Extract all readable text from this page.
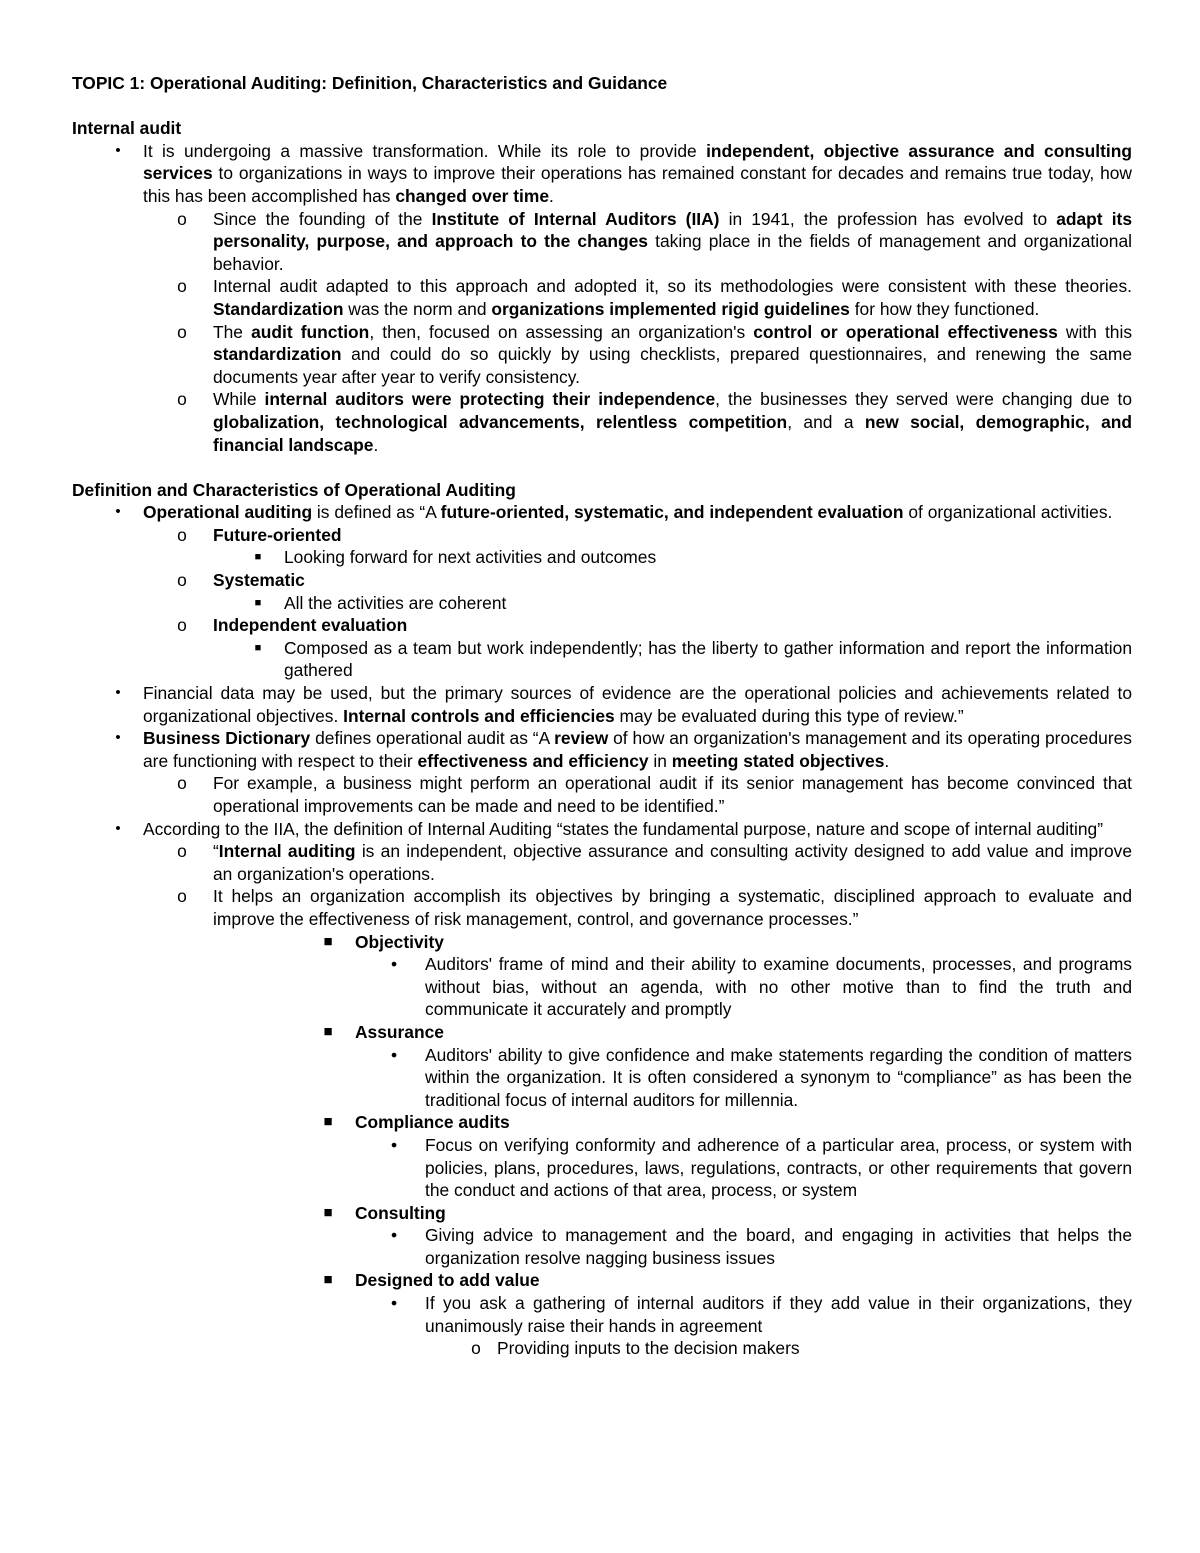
TOPIC 1: Operational Auditing: Definition, Characteristics and Guidance

Internal audit

•	It is undergoing a massive transformation. While its role to provide independent, objective assurance and consulting services to organizations in ways to improve their operations has remained constant for decades and remains true today, how this has been accomplished has changed over time.
o Since the founding of the Institute of Internal Auditors (IIA) in 1941, the profession has evolved to adapt its personality, purpose, and approach to the changes taking place in the fields of management and organizational behavior.
o Internal audit adapted to this approach and adopted it, so its methodologies were consistent with these theories. Standardization was the norm and organizations implemented rigid guidelines for how they functioned.
o The audit function, then, focused on assessing an organization's control or operational effectiveness with this standardization and could do so quickly by using checklists, prepared questionnaires, and renewing the same documents year after year to verify consistency.
o While internal auditors were protecting their independence, the businesses they served were changing due to globalization, technological advancements, relentless competition, and a new social, demographic, and financial landscape.

Definition and Characteristics of Operational Auditing

•	Operational auditing is defined as “A future-oriented, systematic, and independent evaluation of organizational activities.
o Future-oriented
■	Looking forward for next activities and outcomes
o Systematic
■	All the activities are coherent
o Independent evaluation
■	Composed as a team but work independently; has the liberty to gather information and report the information gathered
•	Financial data may be used, but the primary sources of evidence are the operational policies and achievements related to organizational objectives. Internal controls and efficiencies may be evaluated during this type of review.”
•	Business Dictionary defines operational audit as “A review of how an organization's management and its operating procedures are functioning with respect to their effectiveness and efficiency in meeting stated objectives.
o For example, a business might perform an operational audit if its senior management has become convinced that operational improvements can be made and need to be identified.”
•	According to the IIA, the definition of Internal Auditing “states the fundamental purpose, nature and scope of internal auditing”
o “Internal auditing is an independent, objective assurance and consulting activity designed to add value and improve an organization's operations.
o It helps an organization accomplish its objectives by bringing a systematic, disciplined approach to evaluate and improve the effectiveness of risk management, control, and governance processes.”
■	Objectivity
•	Auditors' frame of mind and their ability to examine documents, processes, and programs without bias, without an agenda, with no other motive than to find the truth and communicate it accurately and promptly
■	Assurance
•	Auditors' ability to give confidence and make statements regarding the condition of matters within the organization. It is often considered a synonym to “compliance” as has been the traditional focus of internal auditors for millennia.
■	Compliance audits
•	Focus on verifying conformity and adherence of a particular area, process, or system with policies, plans, procedures, laws, regulations, contracts, or other requirements that govern the conduct and actions of that area, process, or system
■	Consulting
•	Giving advice to management and the board, and engaging in activities that helps the organization resolve nagging business issues
■	Designed to add value
•	If you ask a gathering of internal auditors if they add value in their organizations, they unanimously raise their hands in agreement
o Providing inputs to the decision makers
